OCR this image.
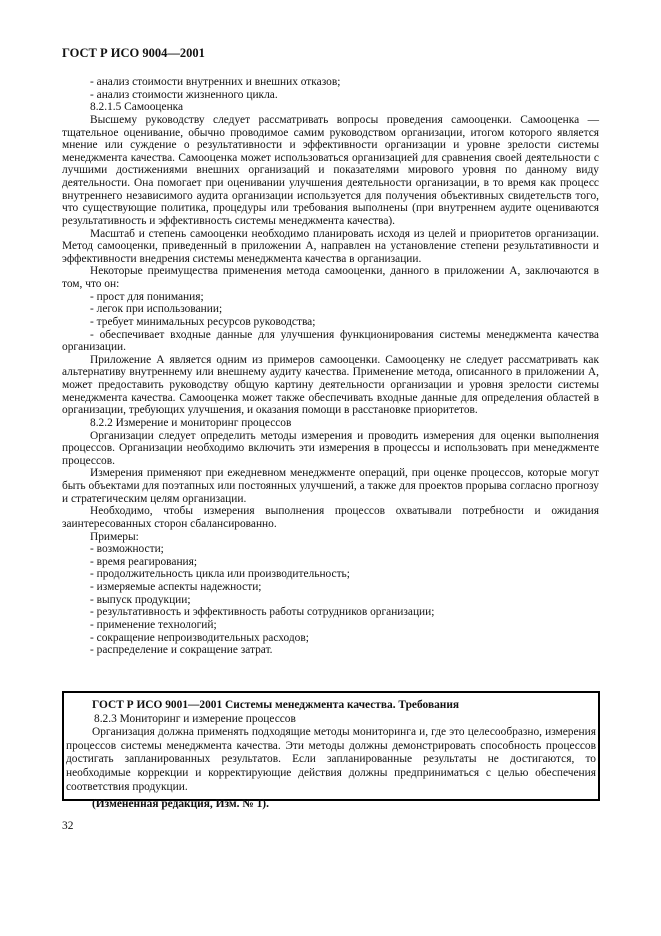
ГОСТ Р ИСО 9004—2001

- анализ стоимости внутренних и внешних отказов;

- анализ стоимости жизненного цикла.

8.2.1.5 Самооценка

Высшему руководству следует рассматривать вопросы проведения самооценки. Самооценка — тщательное оценивание, обычно проводимое самим руководством организации, итогом которого является мнение или суждение о результативности и эффективности организации и уровне зрелости системы менеджмента качества. Самооценка может использоваться организацией для сравнения своей деятельности с лучшими достижениями внешних организаций и показателями мирового уровня по данному виду деятельности. Она помогает при оценивании улучшения деятельности организации, в то время как процесс внутреннего независимого аудита организации используется для получения объективных свидетельств того, что существующие политика, процедуры или требования выполнены (при внутреннем аудите оцениваются результативность и эффективность системы менеджмента качества).

Масштаб и степень самооценки необходимо планировать исходя из целей и приоритетов организации. Метод самооценки, приведенный в приложении А, направлен на установление степени результативности и эффективности внедрения системы менеджмента качества в организации.

Некоторые преимущества применения метода самооценки, данного в приложении А, заключаются в том, что он:

- прост для понимания;

- легок при использовании;

- требует минимальных ресурсов руководства;

- обеспечивает входные данные для улучшения функционирования системы менеджмента качества организации.

Приложение А является одним из примеров самооценки. Самооценку не следует рассматривать как альтернативу внутреннему или внешнему аудиту качества. Применение метода, описанного в приложении А, может предоставить руководству общую картину деятельности организации и уровня зрелости системы менеджмента качества. Самооценка может также обеспечивать входные данные для определения областей в организации, требующих улучшения, и оказания помощи в расстановке приоритетов.

8.2.2 Измерение и мониторинг процессов

Организации следует определить методы измерения и проводить измерения для оценки выполнения процессов. Организации необходимо включить эти измерения в процессы и использовать при менеджменте процессов.

Измерения применяют при ежедневном менеджменте операций, при оценке процессов, которые могут быть объектами для поэтапных или постоянных улучшений, а также для проектов прорыва согласно прогнозу и стратегическим целям организации.

Необходимо, чтобы измерения выполнения процессов охватывали потребности и ожидания заинтересованных сторон сбалансированно.

Примеры:

- возможности;

- время реагирования;

- продолжительность цикла или производительность;

- измеряемые аспекты надежности;

- выпуск продукции;

- результативность и эффективность работы сотрудников организации;

- применение технологий;

- сокращение непроизводительных расходов;

- распределение и сокращение затрат.

ГОСТ Р ИСО 9001—2001 Системы менеджмента качества. Требования

8.2.3 Мониторинг и измерение процессов

Организация должна применять подходящие методы мониторинга и, где это целесообразно, измерения процессов системы менеджмента качества. Эти методы должны демонстрировать способность процессов достигать запланированных результатов. Если запланированные результаты не достигаются, то необходимые коррекции и корректирующие действия должны предприниматься с целью обеспечения соответствия продукции.

(Измененная редакция, Изм. № 1).

32
